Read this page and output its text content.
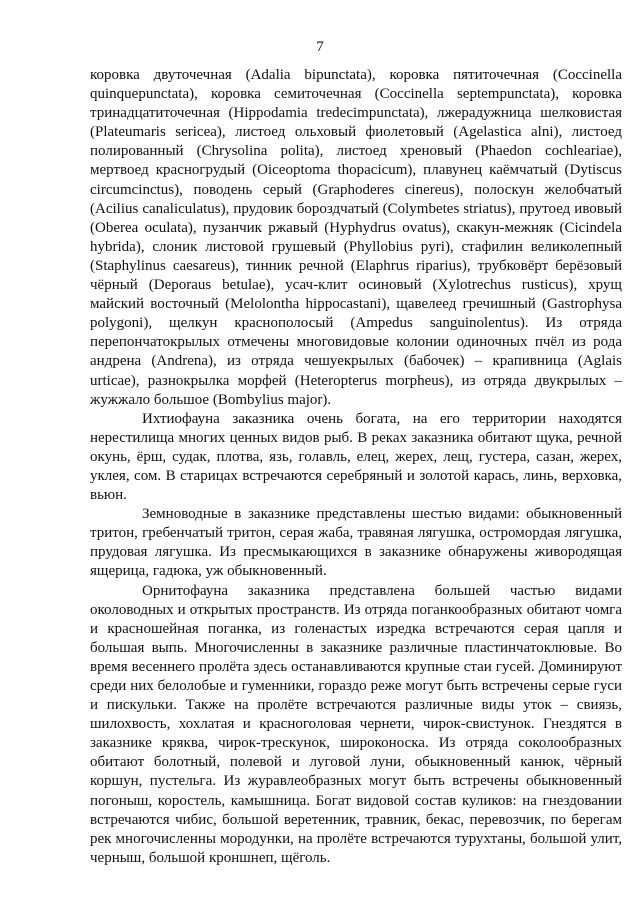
7

коровка двуточечная (Adalia bipunctata), коровка пятиточечная (Coccinella quinquepunctata), коровка семиточечная (Coccinella septempunctata), коровка тринадцатиточечная (Hippodamia tredecimpunctata), лжерадужница шелковистая (Plateumaris sericea), листоед ольховый фиолетовый (Agelastica alni), листоед полированный (Chrysolina polita), листоед хреновый (Phaedon cochleariae), мертвоед красногрудый (Oiceoptoma thopacicum), плавунец каёмчатый (Dytiscus circumcinctus), поводень серый (Graphoderes cinereus), полоскун желобчатый (Acilius canaliculatus), прудовик бороздчатый (Colymbetes striatus), прутоед ивовый (Oberea oculata), пузанчик ржавый (Hyphydrus ovatus), скакун-межняк (Cicindela hybrida), слоник листовой грушевый (Phyllobius pyri), стафилин великолепный (Staphylinus caesareus), тинник речной (Elaphrus riparius), трубковёрт берёзовый чёрный (Deporaus betulae), усач-клит осиновый (Xylotrechus rusticus), хрущ майский восточный (Melolontha hippocastani), щавелеед гречишный (Gastrophysa polygoni), щелкун краснополосый (Ampedus sanguinolentus). Из отряда перепончатокрылых отмечены многовидовые колонии одиночных пчёл из рода андрена (Andrena), из отряда чешуекрылых (бабочек) – крапивница (Aglais urticae), разнокрылка морфей (Heteropterus morpheus), из отряда двукрылых – жужжало большое (Bombylius major).

Ихтиофауна заказника очень богата, на его территории находятся нерестилища многих ценных видов рыб. В реках заказника обитают щука, речной окунь, ёрш, судак, плотва, язь, голавль, елец, жерех, лещ, густера, сазан, жерех, уклея, сом. В старицах встречаются серебряный и золотой карась, линь, верховка, вьюн.

Земноводные в заказнике представлены шестью видами: обыкновенный тритон, гребенчатый тритон, серая жаба, травяная лягушка, остромордая лягушка, прудовая лягушка. Из пресмыкающихся в заказнике обнаружены живородящая ящерица, гадюка, уж обыкновенный.

Орнитофауна заказника представлена большей частью видами околоводных и открытых пространств. Из отряда поганкообразных обитают чомга и красношейная поганка, из голенастых изредка встречаются серая цапля и большая выпь. Многочисленны в заказнике различные пластинчатоклювые. Во время весеннего пролёта здесь останавливаются крупные стаи гусей. Доминируют среди них белолобые и гуменники, гораздо реже могут быть встречены серые гуси и пискульки. Также на пролёте встречаются различные виды уток – свиязь, шилохвость, хохлатая и красноголовая чернети, чирок-свистунок. Гнездятся в заказнике кряква, чирок-трескунок, широконоска. Из отряда соколообразных обитают болотный, полевой и луговой луни, обыкновенный канюк, чёрный коршун, пустельга. Из журавлеобразных могут быть встречены обыкновенный погоныш, коростель, камышница. Богат видовой состав куликов: на гнездовании встречаются чибис, большой веретенник, травник, бекас, перевозчик, по берегам рек многочисленны мородунки, на пролёте встречаются турухтаны, большой улит, черныш, большой кроншнеп, щёголь.
